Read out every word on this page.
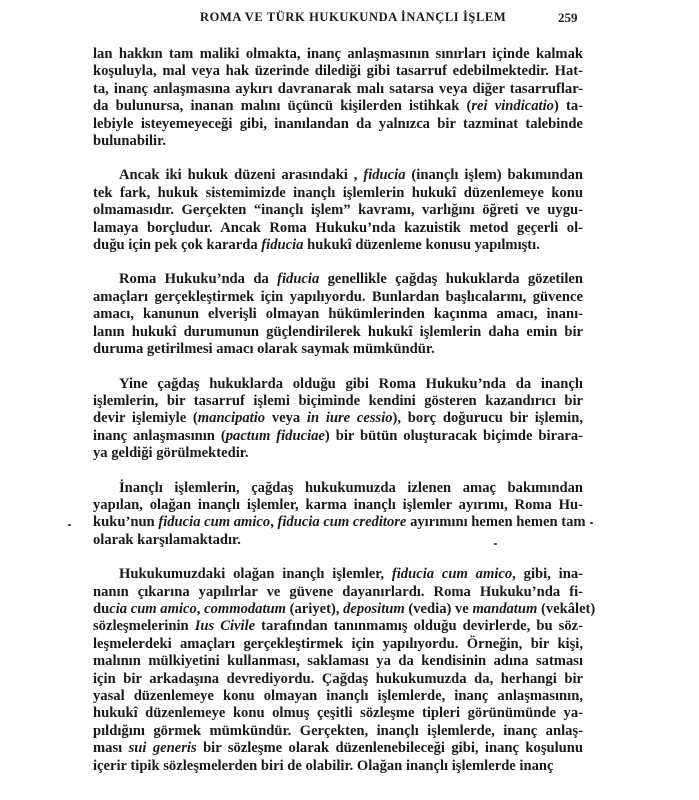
ROMA VE TÜRK HUKUKUNDA İNANÇLI İŞLEM	259
lan hakkın tam maliki olmakta, inanç anlaşmasının sınırları içinde kalmak
koşuluyla, mal veya hak üzerinde dilediği gibi tasarruf edebilmektedir. Hat-
ta, inanç anlaşmasına aykırı davranarak malı satarsa veya diğer tasarruflar-
da bulunursa, inanan malını üçüncü kişilerden istihkak (rei vindicatio) ta-
lebiyle isteyemeyeceği gibi, inanılandan da yalnızca bir tazminat talebinde
bulunabilir.
Ancak iki hukuk düzeni arasındaki , fiducia (inançlı işlem) bakımından
tek fark, hukuk sistemimizde inançlı işlemlerin hukukî düzenlemeye konu
olmamasıdır. Gerçekten “inançlı işlem” kavramı, varlığını öğreti ve uygu-
lamaya borçludur. Ancak Roma Hukuku’nda kazuistik metod geçerli ol-
duğu için pek çok kararda fiducia hukukî düzenleme konusu yapılmıştı.
Roma Hukuku’nda da fiducia genellikle çağdaş hukuklarda gözetilen
amaçları gerçekleştirmek için yapılıyordu. Bunlardan başlıcalarını, güvence
amacı, kanunun elverişli olmayan hükümlerinden kaçınma amacı, inanı-
lanın hukukî durumunun güçlendirilerek hukukî işlemlerin daha emin bir
duruma getirilmesi amacı olarak saymak mümkündür.
Yine çağdaş hukuklarda olduğu gibi Roma Hukuku’nda da inançlı
işlemlerin, bir tasarruf işlemi biçiminde kendini gösteren kazandırıcı bir
devir işlemiyle (mancipatio veya in iure cessio), borç doğurucu bir işlemin,
inanç anlaşmasının (pactum fiduciae) bir bütün oluşturacak biçimde birara-
ya geldiği görülmektedir.
İnançlı işlemlerin, çağdaş hukukumuzda izlenen amaç bakımından
yapılan, olağan inançlı işlemler, karma inançlı işlemler ayırımı, Roma Hu-
kuku’nun fiducia cum amico, fiducia cum creditore ayırımını hemen hemen tam
olarak karşılamaktadır.
Hukukumuzdaki olağan inançlı işlemler, fiducia cum amico, gibi, ina-
nanın çıkarına yapılırlar ve güvene dayanırlardı. Roma Hukuku’nda fi-
ducia cum amico, commodatum (ariyet), depositum (vedia) ve mandatum (vekâlet)
sözleşmelerinin Ius Civile tarafından tanınmamış olduğu devirlerde, bu söz-
leşmelerdeki amaçları gerçekleştirmek için yapılıyordu. Örneğin, bir kişi,
malının mülkiyetini kullanması, saklaması ya da kendisinin adına satması
için bir arkadaşına devrediyordu. Çağdaş hukukumuzda da, herhangi bir
yasal düzenlemeye konu olmayan inançlı işlemlerde, inanç anlaşmasının,
hukukî düzenlemeye konu olmuş çeşitli sözleşme tipleri görünümünde ya-
pıldığını görmek mümkündür. Gerçekten, inançlı işlemlerde, inanç anlaş-
ması sui generis bir sözleşme olarak düzenlenebileceği gibi, inanç koşulunu
içerir tipik sözleşmelerden biri de olabilir. Olağan inançlı işlemlerde inanç
